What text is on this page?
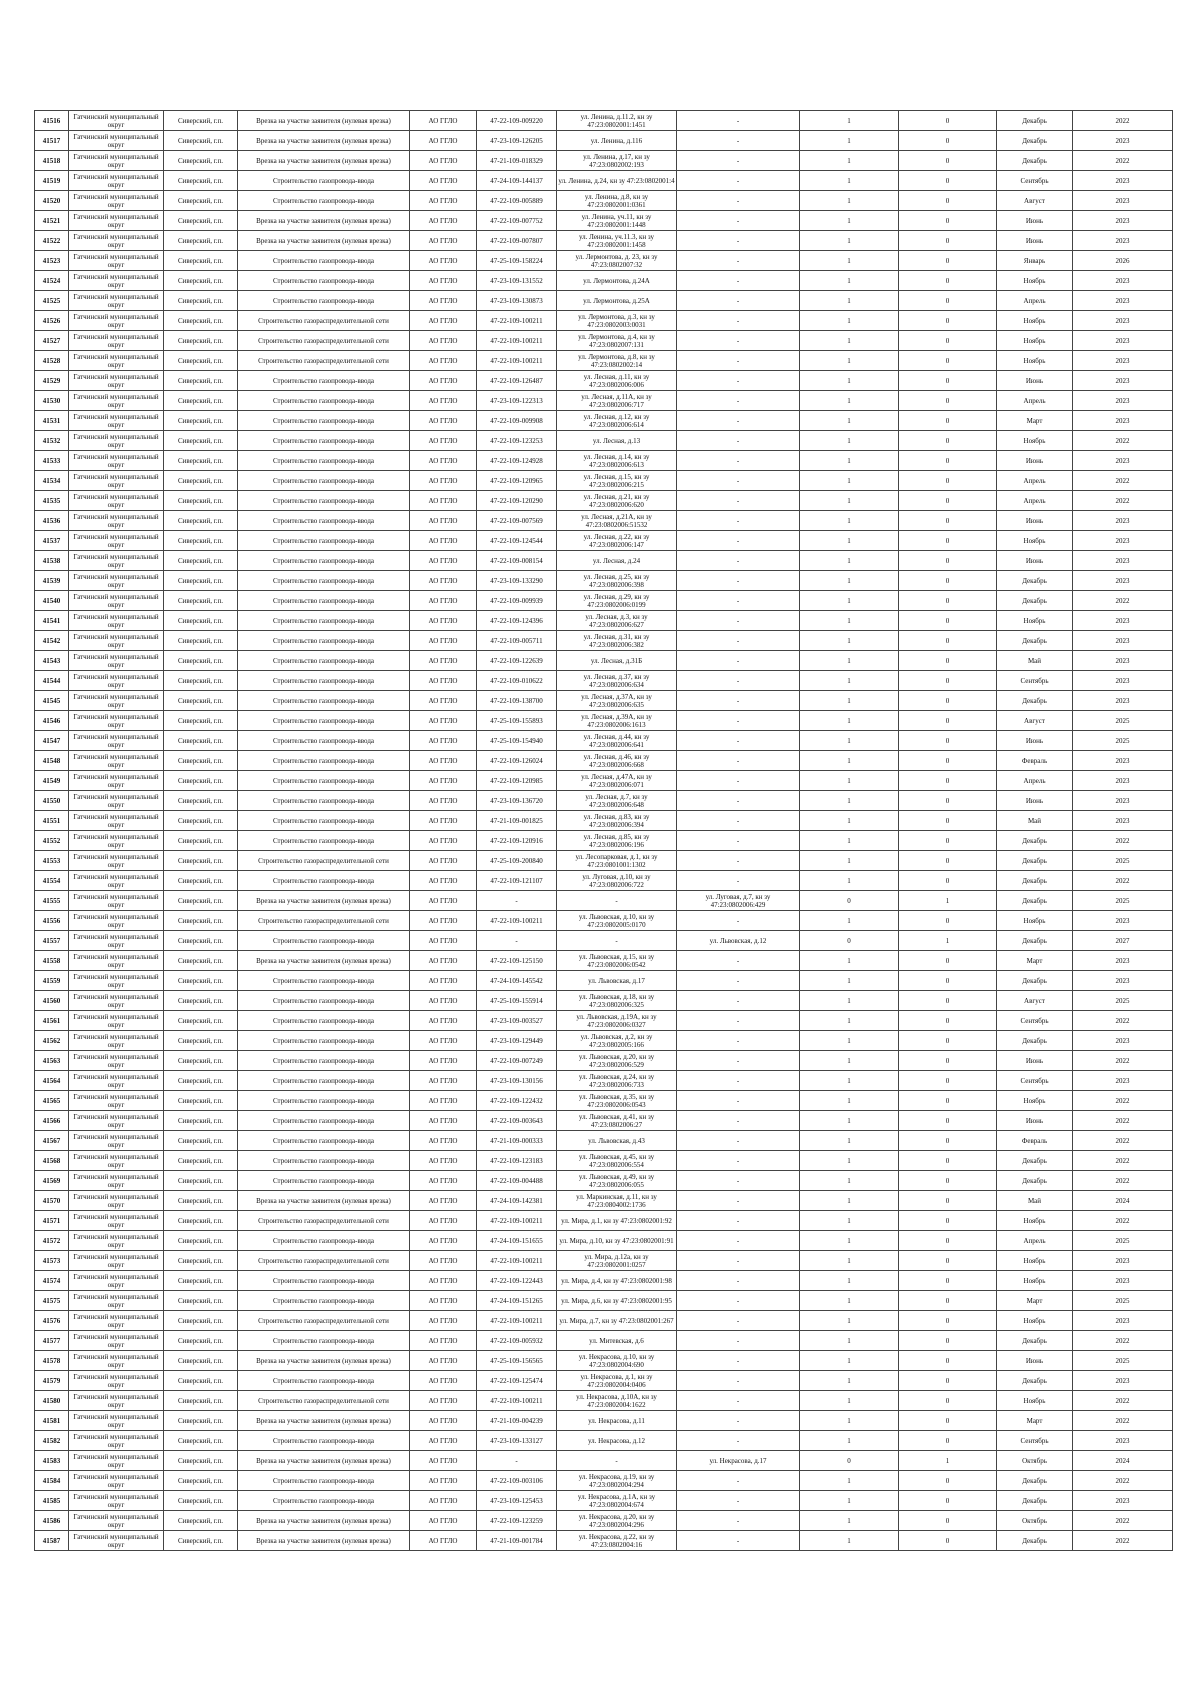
41516	Гатчинский муниципальный округ	Сиверский, г.п.	Врезка на участке заявителя (нулевая врезка)	АО ГГЛО	47-22-109-009220	ул. Ленина, д.11.2, кн зу 47:23:0802001:1451	-	1	0	Декабрь	2022
41517	Гатчинский муниципальный округ	Сиверский, г.п.	Врезка на участке заявителя (нулевая врезка)	АО ГГЛО	47-23-109-126205	ул. Ленина, д.116	-	1	0	Декабрь	2023
41518	Гатчинский муниципальный округ	Сиверский, г.п.	Врезка на участке заявителя (нулевая врезка)	АО ГГЛО	47-21-109-018329	ул. Ленина, д.17, кн зу 47:23:0802002:193	-	1	0	Декабрь	2022
41519	Гатчинский муниципальный округ	Сиверский, г.п.	Строительство газопровода-ввода	АО ГГЛО	47-24-109-144137	ул. Ленина, д.24, кн зу 47:23:0802001:4	-	1	0	Сентябрь	2023
41520	Гатчинский муниципальный округ	Сиверский, г.п.	Строительство газопровода-ввода	АО ГГЛО	47-22-109-005889	ул. Ленина, д.8, кн зу 47:23:0802001:0361	-	1	0	Август	2023
41521	Гатчинский муниципальный округ	Сиверский, г.п.	Врезка на участке заявителя (нулевая врезка)	АО ГГЛО	47-22-109-007752	ул. Ленина, уч.11, кн зу 47:23:0802001:1448	-	1	0	Июнь	2023
41522	Гатчинский муниципальный округ	Сиверский, г.п.	Врезка на участке заявителя (нулевая врезка)	АО ГГЛО	47-22-109-007807	ул. Ленина, уч.11.3, кн зу 47:23:0802001:1458	-	1	0	Июнь	2023
41523	Гатчинский муниципальный округ	Сиверский, г.п.	Строительство газопровода-ввода	АО ГГЛО	47-25-109-158224	ул. Лермонтова, д. 23, кн зу 47:23:0802007:32	-	1	0	Январь	2026
41524	Гатчинский муниципальный округ	Сиверский, г.п.	Строительство газопровода-ввода	АО ГГЛО	47-23-109-131552	ул. Лермонтова, д.24А	-	1	0	Ноябрь	2023
41525	Гатчинский муниципальный округ	Сиверский, г.п.	Строительство газопровода-ввода	АО ГГЛО	47-23-109-130873	ул. Лермонтова, д.25А	-	1	0	Апрель	2023
41526	Гатчинский муниципальный округ	Сиверский, г.п.	Строительство газораспределительной сети	АО ГГЛО	47-22-109-100211	ул. Лермонтова, д.3, кн зу 47:23:0802003:0031	-	1	0	Ноябрь	2023
41527	Гатчинский муниципальный округ	Сиверский, г.п.	Строительство газораспределительной сети	АО ГГЛО	47-22-109-100211	ул. Лермонтова, д.4, кн зу 47:23:0802007:131	-	1	0	Ноябрь	2023
41528	Гатчинский муниципальный округ	Сиверский, г.п.	Строительство газораспределительной сети	АО ГГЛО	47-22-109-100211	ул. Лермонтова, д.8, кн зу 47:23:0802002:14	-	1	0	Ноябрь	2023
41529	Гатчинский муниципальный округ	Сиверский, г.п.	Строительство газопровода-ввода	АО ГГЛО	47-22-109-126487	ул. Лесная, д.11, кн зу 47:23:0802006:006	-	1	0	Июнь	2023
41530	Гатчинский муниципальный округ	Сиверский, г.п.	Строительство газопровода-ввода	АО ГГЛО	47-23-109-122313	ул. Лесная, д.11А, кн зу 47:23:0802006:717	-	1	0	Апрель	2023
41531	Гатчинский муниципальный округ	Сиверский, г.п.	Строительство газопровода-ввода	АО ГГЛО	47-22-109-009908	ул. Лесная, д.12, кн зу 47:23:0802006:614	-	1	0	Март	2023
41532	Гатчинский муниципальный округ	Сиверский, г.п.	Строительство газопровода-ввода	АО ГГЛО	47-22-109-123253	ул. Лесная, д.13	-	1	0	Ноябрь	2022
41533	Гатчинский муниципальный округ	Сиверский, г.п.	Строительство газопровода-ввода	АО ГГЛО	47-22-109-124928	ул. Лесная, д.14, кн зу 47:23:0802006:613	-	1	0	Июнь	2023
41534	Гатчинский муниципальный округ	Сиверский, г.п.	Строительство газопровода-ввода	АО ГГЛО	47-22-109-120965	ул. Лесная, д.15, кн зу 47:23:0802006:215	-	1	0	Апрель	2022
41535	Гатчинский муниципальный округ	Сиверский, г.п.	Строительство газопровода-ввода	АО ГГЛО	47-22-109-120290	ул. Лесная, д.21, кн зу 47:23:0802006:620	-	1	0	Апрель	2022
41536	Гатчинский муниципальный округ	Сиверский, г.п.	Строительство газопровода-ввода	АО ГГЛО	47-22-109-007569	ул. Лесная, д.21А, кн зу 47:23:0802006:51532	-	1	0	Июнь	2023
41537	Гатчинский муниципальный округ	Сиверский, г.п.	Строительство газопровода-ввода	АО ГГЛО	47-22-109-124544	ул. Лесная, д.22, кн зу 47:23:0802006:147	-	1	0	Ноябрь	2023
41538	Гатчинский муниципальный округ	Сиверский, г.п.	Строительство газопровода-ввода	АО ГГЛО	47-22-109-008154	ул. Лесная, д.24	-	1	0	Июнь	2023
41539	Гатчинский муниципальный округ	Сиверский, г.п.	Строительство газопровода-ввода	АО ГГЛО	47-23-109-133290	ул. Лесная, д.25, кн зу 47:23:0802006:398	-	1	0	Декабрь	2023
41540	Гатчинский муниципальный округ	Сиверский, г.п.	Строительство газопровода-ввода	АО ГГЛО	47-22-109-009939	ул. Лесная, д.29, кн зу 47:23:0802006:0199	-	1	0	Декабрь	2022
41541	Гатчинский муниципальный округ	Сиверский, г.п.	Строительство газопровода-ввода	АО ГГЛО	47-22-109-124396	ул. Лесная, д.3, кн зу 47:23:0802006:627	-	1	0	Ноябрь	2023
41542	Гатчинский муниципальный округ	Сиверский, г.п.	Строительство газопровода-ввода	АО ГГЛО	47-22-109-005711	ул. Лесная, д.31, кн зу 47:23:0802006:382	-	1	0	Декабрь	2023
41543	Гатчинский муниципальный округ	Сиверский, г.п.	Строительство газопровода-ввода	АО ГГЛО	47-22-109-122639	ул. Лесная, д.31Б	-	1	0	Май	2023
41544	Гатчинский муниципальный округ	Сиверский, г.п.	Строительство газопровода-ввода	АО ГГЛО	47-22-109-010622	ул. Лесная, д.37, кн зу 47:23:0802006:634	-	1	0	Сентябрь	2023
41545	Гатчинский муниципальный округ	Сиверский, г.п.	Строительство газопровода-ввода	АО ГГЛО	47-22-109-138700	ул. Лесная, д.37А, кн зу 47:23:0802006:635	-	1	0	Декабрь	2023
41546	Гатчинский муниципальный округ	Сиверский, г.п.	Строительство газопровода-ввода	АО ГГЛО	47-25-109-155893	ул. Лесная, д.39А, кн зу 47:23:0802006:1613	-	1	0	Август	2025
41547	Гатчинский муниципальный округ	Сиверский, г.п.	Строительство газопровода-ввода	АО ГГЛО	47-25-109-154940	ул. Лесная, д.44, кн зу 47:23:0802006:641	-	1	0	Июнь	2025
41548	Гатчинский муниципальный округ	Сиверский, г.п.	Строительство газопровода-ввода	АО ГГЛО	47-22-109-126024	ул. Лесная, д.46, кн зу 47:23:0802006:668	-	1	0	Февраль	2023
41549	Гатчинский муниципальный округ	Сиверский, г.п.	Строительство газопровода-ввода	АО ГГЛО	47-22-109-120985	ул. Лесная, д.47А, кн зу 47:23:0802006:071	-	1	0	Апрель	2023
41550	Гатчинский муниципальный округ	Сиверский, г.п.	Строительство газопровода-ввода	АО ГГЛО	47-23-109-136720	ул. Лесная, д.7, кн зу 47:23:0802006:648	-	1	0	Июнь	2023
41551	Гатчинский муниципальный округ	Сиверский, г.п.	Строительство газопровода-ввода	АО ГГЛО	47-21-109-001825	ул. Лесная, д.83, кн зу 47:23:0802006:394	-	1	0	Май	2023
41552	Гатчинский муниципальный округ	Сиверский, г.п.	Строительство газопровода-ввода	АО ГГЛО	47-22-109-120916	ул. Лесная, д.85, кн зу 47:23:0802006:196	-	1	0	Декабрь	2022
41553	Гатчинский муниципальный округ	Сиверский, г.п.	Строительство газораспределительной сети	АО ГГЛО	47-25-109-200840	ул. Лесопарковая, д.1, кн зу 47:23:0801001:1302	-	1	0	Декабрь	2025
41554	Гатчинский муниципальный округ	Сиверский, г.п.	Строительство газопровода-ввода	АО ГГЛО	47-22-109-121107	ул. Луговая, д.10, кн зу 47:23:0802006:722	-	1	0	Декабрь	2022
41555	Гатчинский муниципальный округ	Сиверский, г.п.	Врезка на участке заявителя (нулевая врезка)	АО ГГЛО	-	-	ул. Луговая, д.7, кн зу 47:23:0802006:429	0	1	Декабрь	2025
41556	Гатчинский муниципальный округ	Сиверский, г.п.	Строительство газораспределительной сети	АО ГГЛО	47-22-109-100211	ул. Львовская, д.10, кн зу 47:23:0802005:0170	-	1	0	Ноябрь	2023
41557	Гатчинский муниципальный округ	Сиверский, г.п.	Строительство газопровода-ввода	АО ГГЛО	-	-	ул. Львовская, д.12	0	1	Декабрь	2027
41558	Гатчинский муниципальный округ	Сиверский, г.п.	Врезка на участке заявителя (нулевая врезка)	АО ГГЛО	47-22-109-125150	ул. Львовская, д.15, кн зу 47:23:0802006:0542	-	1	0	Март	2023
41559	Гатчинский муниципальный округ	Сиверский, г.п.	Строительство газопровода-ввода	АО ГГЛО	47-24-109-145542	ул. Львовская, д.17	-	1	0	Декабрь	2023
41560	Гатчинский муниципальный округ	Сиверский, г.п.	Строительство газопровода-ввода	АО ГГЛО	47-25-109-155914	ул. Львовская, д.18, кн зу 47:23:0802006:325	-	1	0	Август	2025
41561	Гатчинский муниципальный округ	Сиверский, г.п.	Строительство газопровода-ввода	АО ГГЛО	47-23-109-003527	ул. Львовская, д.19А, кн зу 47:23:0802006:0327	-	1	0	Сентябрь	2022
41562	Гатчинский муниципальный округ	Сиверский, г.п.	Строительство газопровода-ввода	АО ГГЛО	47-23-109-129449	ул. Львовская, д.2, кн зу 47:23:0802005:166	-	1	0	Декабрь	2023
41563	Гатчинский муниципальный округ	Сиверский, г.п.	Строительство газопровода-ввода	АО ГГЛО	47-22-109-007249	ул. Львовская, д.20, кн зу 47:23:0802006:529	-	1	0	Июнь	2022
41564	Гатчинский муниципальный округ	Сиверский, г.п.	Строительство газопровода-ввода	АО ГГЛО	47-23-109-130156	ул. Львовская, д.24, кн зу 47:23:0802006:733	-	1	0	Сентябрь	2023
41565	Гатчинский муниципальный округ	Сиверский, г.п.	Строительство газопровода-ввода	АО ГГЛО	47-22-109-122432	ул. Львовская, д.35, кн зу 47:23:0802006:0543	-	1	0	Ноябрь	2022
41566	Гатчинский муниципальный округ	Сиверский, г.п.	Строительство газопровода-ввода	АО ГГЛО	47-22-109-003643	ул. Львовская, д.41, кн зу 47:23:0802006:27	-	1	0	Июнь	2022
41567	Гатчинский муниципальный округ	Сиверский, г.п.	Строительство газопровода-ввода	АО ГГЛО	47-21-109-000333	ул. Львовская, д.43	-	1	0	Февраль	2022
41568	Гатчинский муниципальный округ	Сиверский, г.п.	Строительство газопровода-ввода	АО ГГЛО	47-22-109-123183	ул. Львовская, д.45, кн зу 47:23:0802006:554	-	1	0	Декабрь	2022
41569	Гатчинский муниципальный округ	Сиверский, г.п.	Строительство газопровода-ввода	АО ГГЛО	47-22-109-004488	ул. Львовская, д.49, кн зу 47:23:0802006:055	-	1	0	Декабрь	2022
41570	Гатчинский муниципальный округ	Сиверский, г.п.	Врезка на участке заявителя (нулевая врезка)	АО ГГЛО	47-24-109-142381	ул. Маркинская, д.11, кн зу 47:23:0804002:1736	-	1	0	Май	2024
41571	Гатчинский муниципальный округ	Сиверский, г.п.	Строительство газораспределительной сети	АО ГГЛО	47-22-109-100211	ул. Мира, д.1, кн зу 47:23:0802001:92	-	1	0	Ноябрь	2022
41572	Гатчинский муниципальный округ	Сиверский, г.п.	Строительство газопровода-ввода	АО ГГЛО	47-24-109-151655	ул. Мира, д.10, кн зу 47:23:0802001:91	-	1	0	Апрель	2025
41573	Гатчинский муниципальный округ	Сиверский, г.п.	Строительство газораспределительной сети	АО ГГЛО	47-22-109-100211	ул. Мира, д.12а, кн зу 47:23:0802001:0257	-	1	0	Ноябрь	2023
41574	Гатчинский муниципальный округ	Сиверский, г.п.	Строительство газопровода-ввода	АО ГГЛО	47-22-109-122443	ул. Мира, д.4, кн зу 47:23:0802001:98	-	1	0	Ноябрь	2023
41575	Гатчинский муниципальный округ	Сиверский, г.п.	Строительство газопровода-ввода	АО ГГЛО	47-24-109-151265	ул. Мира, д.6, кн зу 47:23:0802001:95	-	1	0	Март	2025
41576	Гатчинский муниципальный округ	Сиверский, г.п.	Строительство газораспределительной сети	АО ГГЛО	47-22-109-100211	ул. Мира, д.7, кн зу 47:23:0802001:267	-	1	0	Ноябрь	2023
41577	Гатчинский муниципальный округ	Сиверский, г.п.	Строительство газопровода-ввода	АО ГГЛО	47-22-109-005932	ул. Митевская, д.6	-	1	0	Декабрь	2022
41578	Гатчинский муниципальный округ	Сиверский, г.п.	Врезка на участке заявителя (нулевая врезка)	АО ГГЛО	47-25-109-156565	ул. Некрасова, д.10, кн зу 47:23:0802004:690	-	1	0	Июнь	2025
41579	Гатчинский муниципальный округ	Сиверский, г.п.	Строительство газопровода-ввода	АО ГГЛО	47-22-109-125474	ул. Некрасова, д.1, кн зу 47:23:0802004:0406	-	1	0	Декабрь	2023
41580	Гатчинский муниципальный округ	Сиверский, г.п.	Строительство газораспределительной сети	АО ГГЛО	47-22-109-100211	ул. Некрасова, д.10А, кн зу 47:23:0802004:1622	-	1	0	Ноябрь	2022
41581	Гатчинский муниципальный округ	Сиверский, г.п.	Врезка на участке заявителя (нулевая врезка)	АО ГГЛО	47-21-109-004239	ул. Некрасова, д.11	-	1	0	Март	2022
41582	Гатчинский муниципальный округ	Сиверский, г.п.	Строительство газопровода-ввода	АО ГГЛО	47-23-109-133127	ул. Некрасова, д.12	-	1	0	Сентябрь	2023
41583	Гатчинский муниципальный округ	Сиверский, г.п.	Врезка на участке заявителя (нулевая врезка)	АО ГГЛО	-	-	ул. Некрасова, д.17	0	1	Октябрь	2024
41584	Гатчинский муниципальный округ	Сиверский, г.п.	Строительство газопровода-ввода	АО ГГЛО	47-22-109-003106	ул. Некрасова, д.19, кн зу 47:23:0802004:294	-	1	0	Декабрь	2022
41585	Гатчинский муниципальный округ	Сиверский, г.п.	Строительство газопровода-ввода	АО ГГЛО	47-23-109-125453	ул. Некрасова, д.1А, кн зу 47:23:0802004:674	-	1	0	Декабрь	2023
41586	Гатчинский муниципальный округ	Сиверский, г.п.	Врезка на участке заявителя (нулевая врезка)	АО ГГЛО	47-22-109-123259	ул. Некрасова, д.20, кн зу 47:23:0802004:296	-	1	0	Октябрь	2022
41587	Гатчинский муниципальный округ	Сиверский, г.п.	Врезка на участке заявителя (нулевая врезка)	АО ГГЛО	47-21-109-001784	ул. Некрасова, д.22, кн зу 47:23:0802004:16	-	1	0	Декабрь	2022
